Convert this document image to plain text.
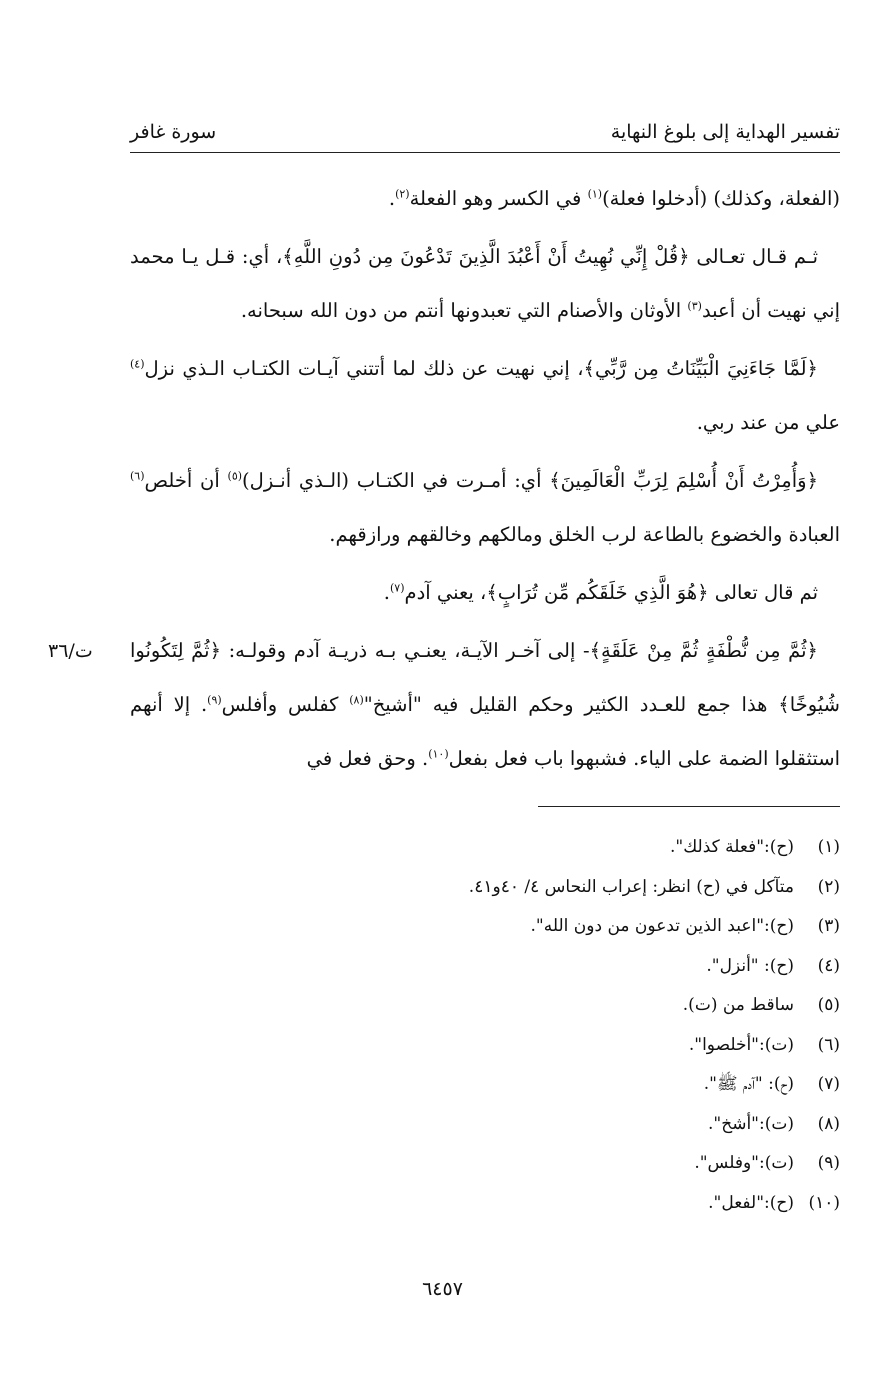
تفسير الهداية إلى بلوغ النهاية
سورة غافر

(الفعلة، وكذلك) (أدخلوا فعلة)$^{(١)}$ في الكسر وهو الفعلة$^{(٢)}$.

ثـم قـال تعـالى ﴿قُلْ إِنِّي نُهِيتُ أَنْ أَعْبُدَ الَّذِينَ تَدْعُونَ مِن دُونِ اللَّهِ﴾، أي: قـل يـا محمد إني نهيت أن أعبد$^{(٣)}$ الأوثان والأصنام التي تعبدونها أنتم من دون الله سبحانه.

﴿لَمَّا جَاءَنِيَ الْبَيِّنَاتُ مِن رَّبِّي﴾، إني نهيت عن ذلك لما أتتني آيـات الكتـاب الـذي نزل$^{(٤)}$ علي من عند ربي.

﴿وَأُمِرْتُ أَنْ أُسْلِمَ لِرَبِّ الْعَالَمِينَ﴾ أي: أمـرت في الكتـاب (الـذي أنـزل)$^{(٥)}$ أن أخلص$^{(٦)}$ العبادة والخضوع بالطاعة لرب الخلق ومالكهم وخالقهم ورازقهم.

ثم قال تعالى ﴿هُوَ الَّذِي خَلَقَكُم مِّن تُرَابٍ﴾، يعني آدم$^{(٧)}$.

﴿ثُمَّ مِن نُّطْفَةٍ ثُمَّ مِنْ عَلَقَةٍ﴾- إلى آخـر الآيـة، يعنـي بـه ذريـة آدم وقولـه: ﴿ثُمَّ لِتَكُونُوا شُيُوخًا﴾ هذا جمع للعـدد الكثير وحكم القليل فيه "أشيخ"$^{(٨)}$ كفلس وأفلس$^{(٩)}$. إلا أنهم استثقلوا الضمة على الياء. فشبهوا باب فعل بفعل$^{(١٠)}$. وحق فعل في

ت/٣٦
(١)
(ح):"فعلة كذلك".
(٢)
متآكل في (ح) انظر: إعراب النحاس ٤/ ٤٠و٤١.
(٣)
(ح):"اعبد الذين تدعون من دون الله".
(٤)
(ح): "أنزل".
(٥)
ساقط من (ت).
(٦)
(ت):"أخلصوا".
(٧)
(ح): "آدم ﷺ".
(٨)
(ت):"أشخ".
(٩)
(ت):"وفلس".
(١٠)
(ح):"لفعل".
٦٤٥٧
